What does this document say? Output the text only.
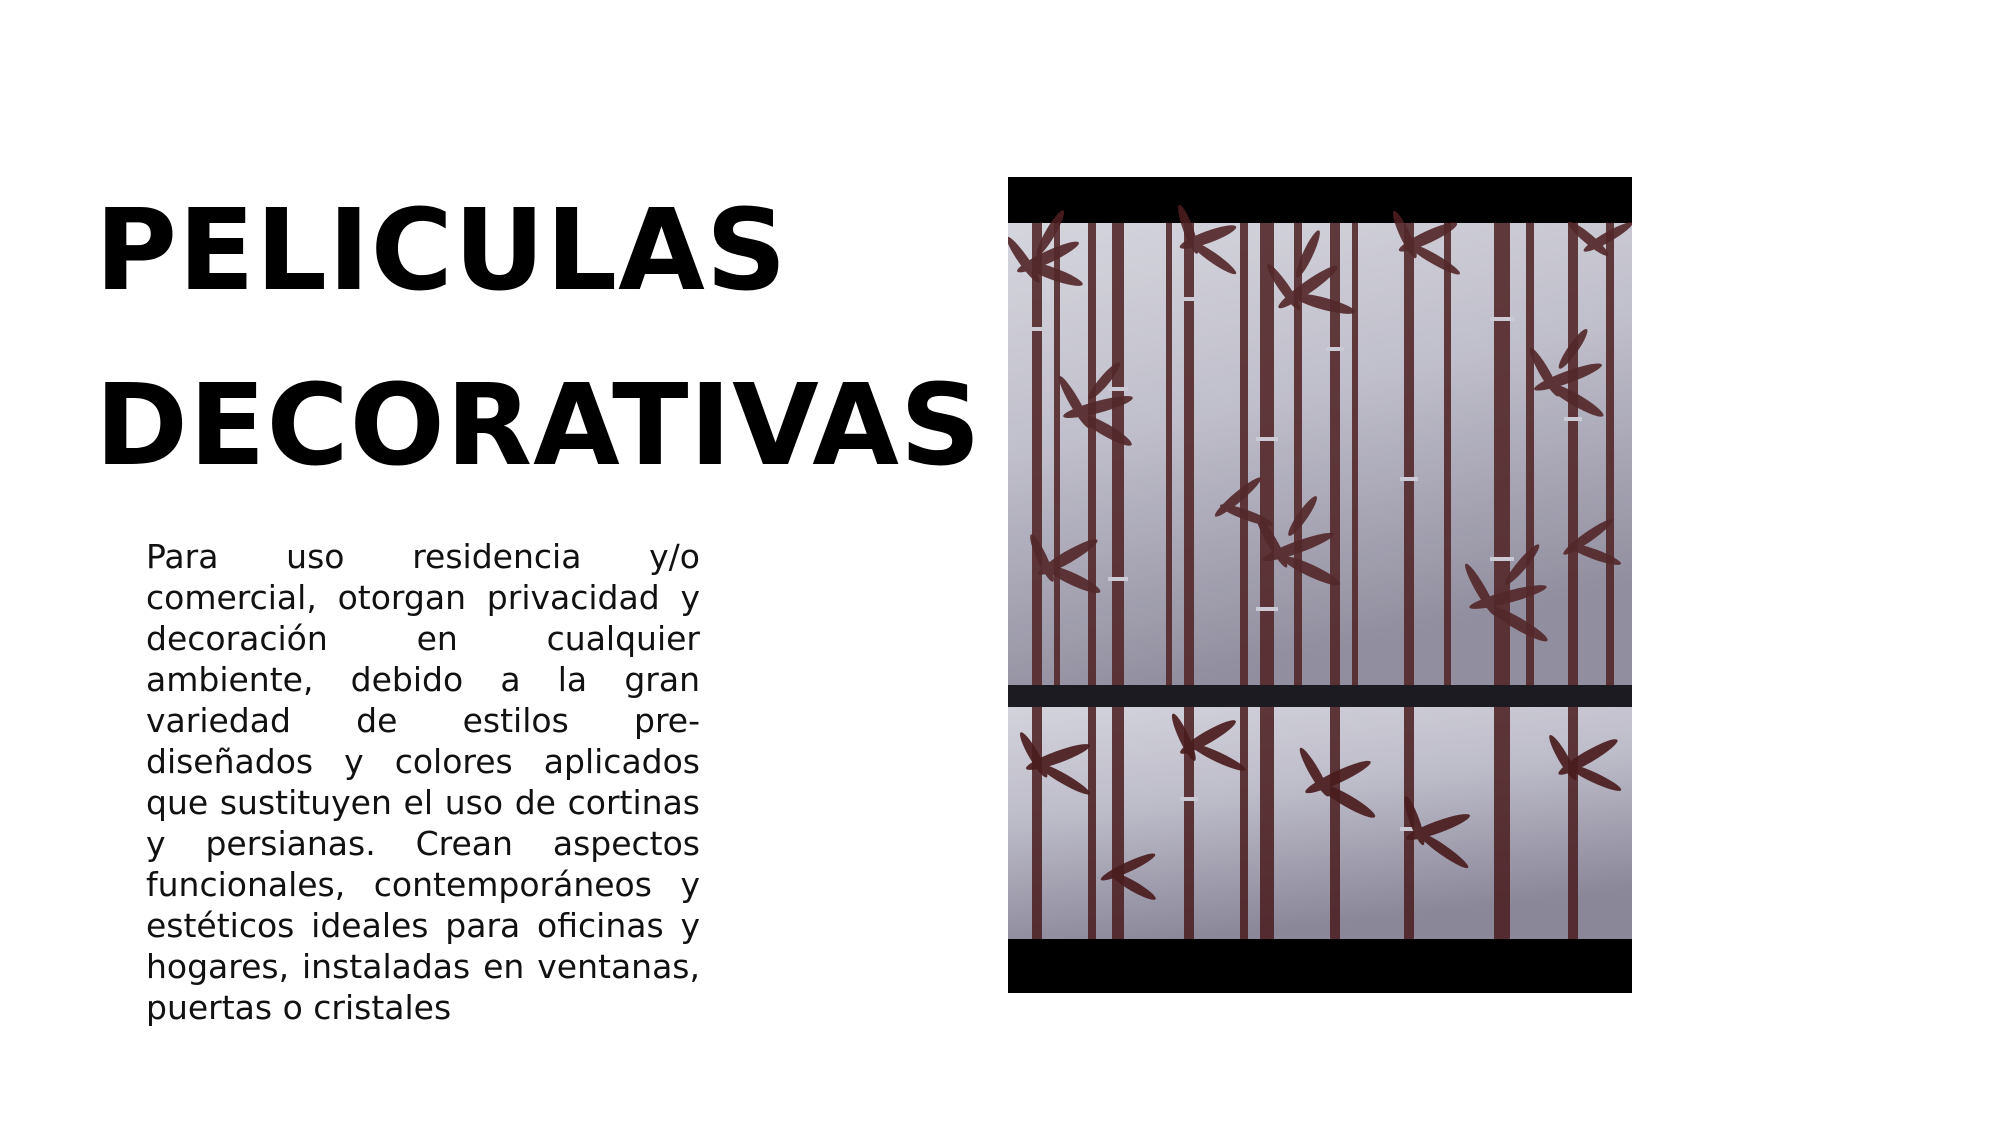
PELICULAS
DECORATIVAS

Para uso residencia y/o comercial, otorgan privacidad y decoración en cualquier ambiente, debido a la gran variedad de estilos pre-diseñados y colores aplicados que sustituyen el uso de cortinas y persianas. Crean aspectos funcionales, contemporáneos y estéticos ideales para oficinas y hogares, instaladas en ventanas, puertas o cristales
